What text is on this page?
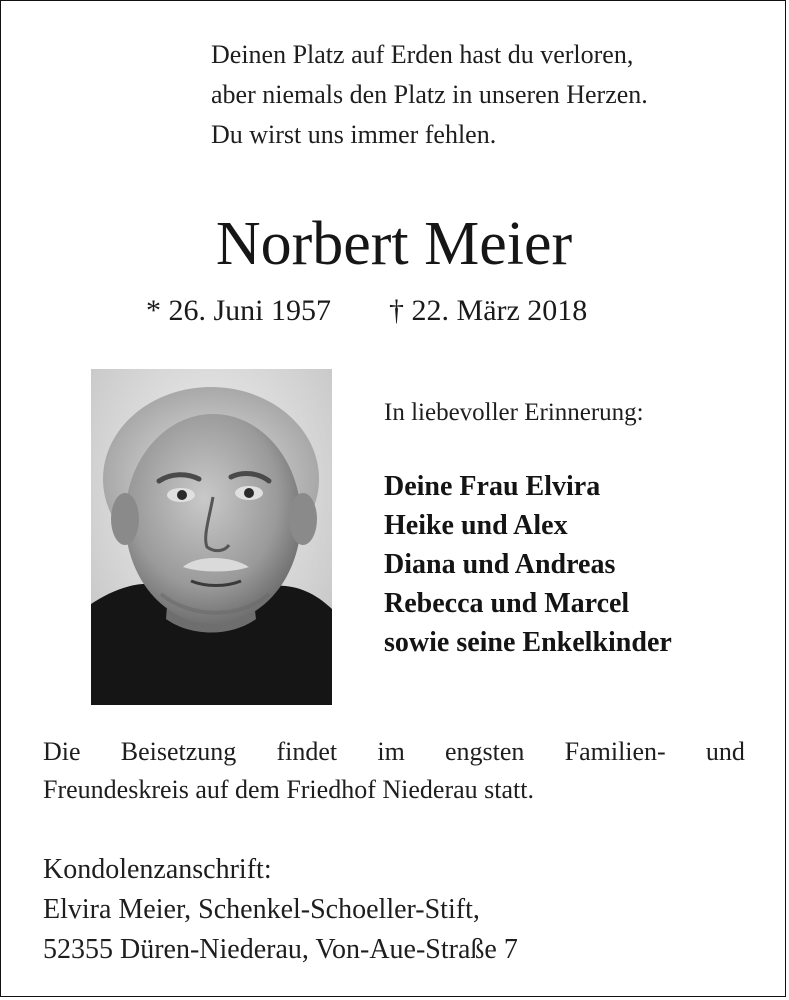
Deinen Platz auf Erden hast du verloren,
aber niemals den Platz in unseren Herzen.
Du wirst uns immer fehlen.
Norbert Meier
* 26. Juni 1957 † 22. März 2018
In liebevoller Erinnerung:
Deine Frau Elvira
Heike und Alex
Diana und Andreas
Rebecca und Marcel
sowie seine Enkelkinder
Die Beisetzung findet im engsten Familien- und
Freundeskreis auf dem Friedhof Niederau statt.
Kondolenzanschrift:
Elvira Meier, Schenkel-Schoeller-Stift,
52355 Düren-Niederau, Von-Aue-Straße 7
